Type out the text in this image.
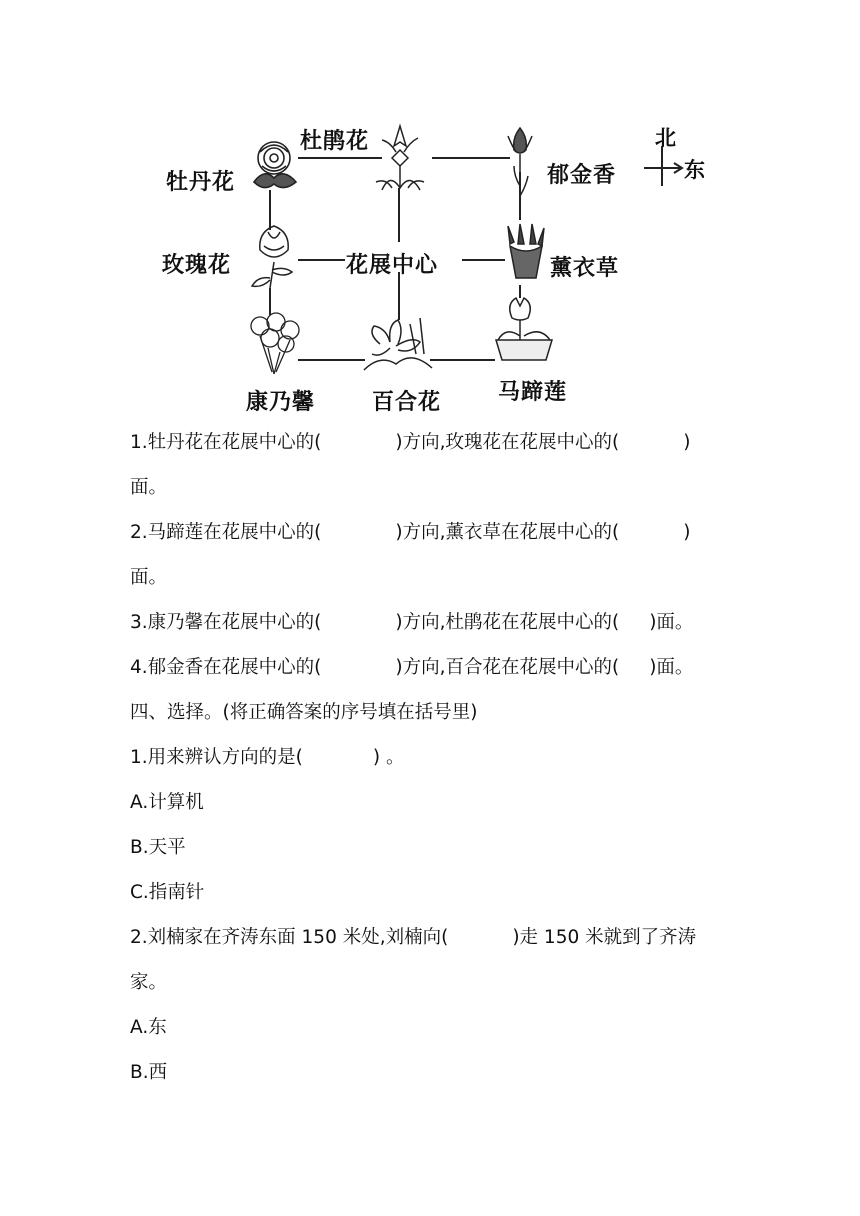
北
东
牡丹花
杜鹃花
郁金香
玫瑰花	花展中心	薰衣草
康乃馨	百合花	马蹄莲
1.牡丹花在花展中心的(	)方向,玫瑰花在花展中心的(	)
面。
2.马蹄莲在花展中心的(	)方向,薰衣草在花展中心的(	)
面。
3.康乃馨在花展中心的(	)方向,杜鹃花在花展中心的( )面。
4.郁金香在花展中心的(	)方向,百合花在花展中心的( )面。
四、选择。(将正确答案的序号填在括号里)
1.用来辨认方向的是(	) 。
A.计算机
B.天平
C.指南针
2.刘楠家在齐涛东面 150 米处,刘楠向(	)走 150 米就到了齐涛
家。
A.东
B.西
